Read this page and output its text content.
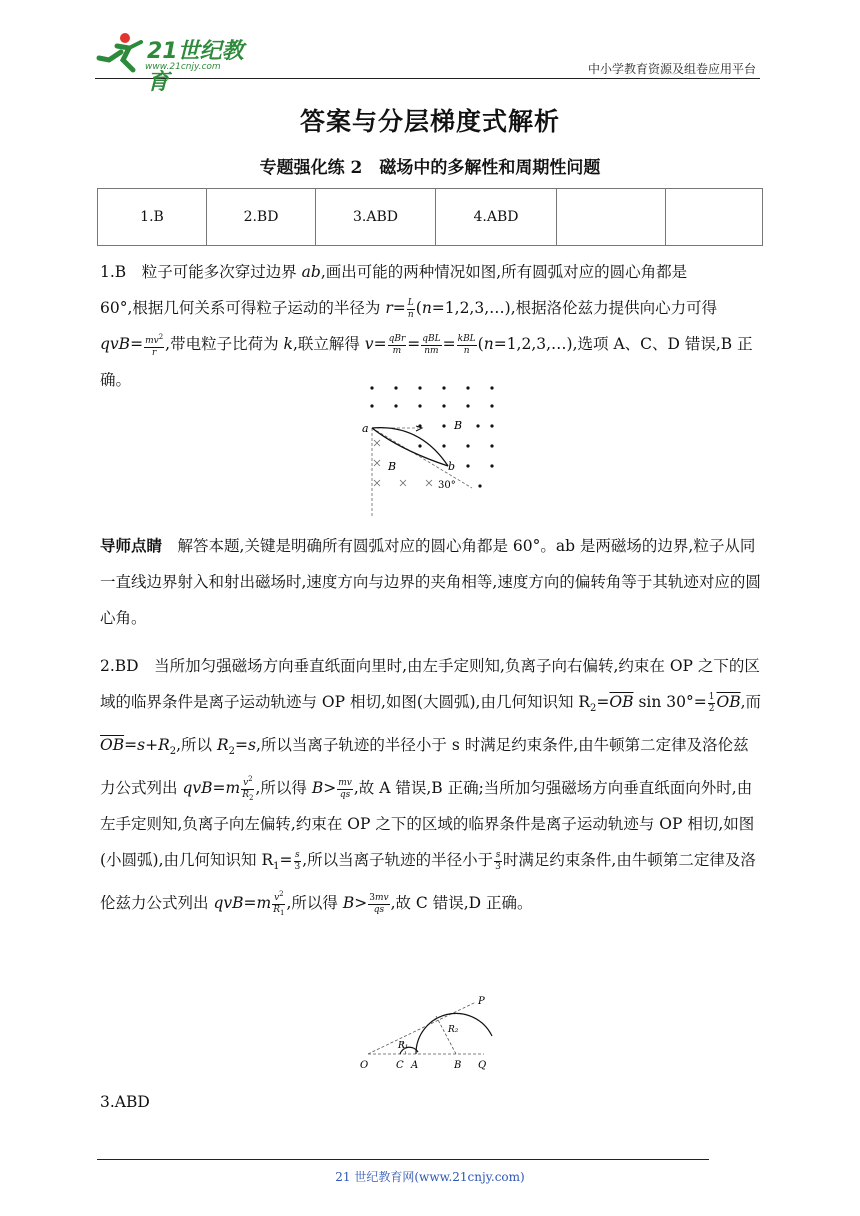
21世纪教育
www.21cnjy.com	中小学教育资源及组卷应用平台
答案与分层梯度式解析
专题强化练 2　磁场中的多解性和周期性问题
1.B	2.BD	3.ABD	4.ABD		

1.B　 粒子可能多次穿过边界 ab,画出可能的两种情况如图,所有圆弧对应的圆心角都是
60°,根据几何关系可得粒子运动的半径为 $r= \frac{L}{n}$ (n=1,2,3,…),根据洛伦兹力提供向心力可得
$qvB= \frac{mv^2}{r}$ ,带电粒子比荷为 k,联立解得 $v= \frac{\text{qBr}}{m} = \frac{\text{qBL}}{nm} = \frac{\text{kBL}}{n}$ (n=1,2,3,…),选项 A、C、D 错误,B 正确。

a
b
B
B
30°

导师点睛　解答本题,关键是明确所有圆弧对应的圆心角都是 60°。ab 是两磁场的边界,粒子从同一直线边界射入和射出磁场时,速度方向与边界的夹角相等,速度方向的偏转角等于其轨迹对应的圆心角。

2.BD　 当所加匀强磁场方向垂直纸面向里时,由左手定则知,负离子向右偏转,约束在 OP 之下的区域的临界条件是离子运动轨迹与 OP 相切,如图(大圆弧),由几何知识知 $R_2=\overline{OB}$ $\sin 30^\circ= \frac{1}{2} \overline{OB}$,而$\overline{OB}=s+R_2$,所以 $R_2=s$,所以当离子轨迹的半径小于 s 时满足约束条件,由牛顿第二定律及洛伦兹力公式列出 $qvB=m \frac{v^2}{R_2}$ ,所以得 $B> \frac{mv}{qs}$ ,故 A 错误,B 正确;当所加匀强磁场方向垂直纸面向外时,由左手定则知,负离子向左偏转,约束在 OP 之下的区域的临界条件是离子运动轨迹与 OP 相切,如图(小圆弧),由几何知识知 $R_1= \frac{s}{3}$ ,所以当离子轨迹的半径小于 $\frac{s}{3}$ 时满足约束条件,由牛顿第二定律及洛伦兹力公式列出 $qvB=m \frac{v^2}{R_1}$ ,所以得 $B> \frac{3mv}{qs}$ ,故 C 错误,D 正确。

O	C A	B Q
P
R₂
R₁

3.ABD

21 世纪教育网(www.21cnjy.com)
